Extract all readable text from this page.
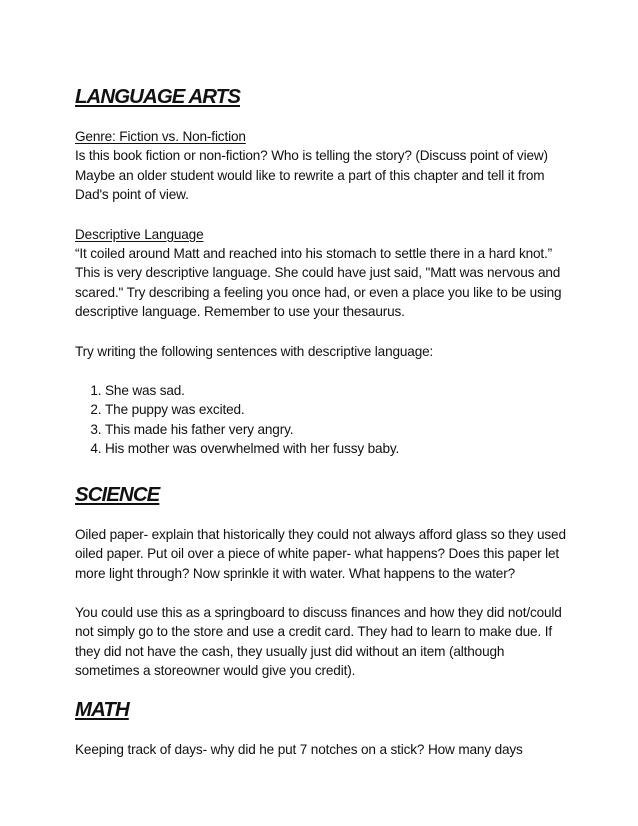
LANGUAGE ARTS
Genre: Fiction vs. Non-fiction

Is this book fiction or non-fiction? Who is telling the story? (Discuss point of view)

Maybe an older student would like to rewrite a part of this chapter and tell it from Dad's point of view.

Descriptive Language

“It coiled around Matt and reached into his stomach to settle there in a hard knot.” This is very descriptive language. She could have just said, "Matt was nervous and scared." Try describing a feeling you once had, or even a place you like to be using descriptive language. Remember to use your thesaurus.

Try writing the following sentences with descriptive language:

1. She was sad.
2. The puppy was excited.
3. This made his father very angry.
4. His mother was overwhelmed with her fussy baby.
SCIENCE

Oiled paper- explain that historically they could not always afford glass so they used oiled paper. Put oil over a piece of white paper- what happens? Does this paper let more light through? Now sprinkle it with water. What happens to the water?

You could use this as a springboard to discuss finances and how they did not/could not simply go to the store and use a credit card. They had to learn to make due. If they did not have the cash, they usually just did without an item (although sometimes a storeowner would give you credit).

MATH

Keeping track of days- why did he put 7 notches on a stick? How many days
